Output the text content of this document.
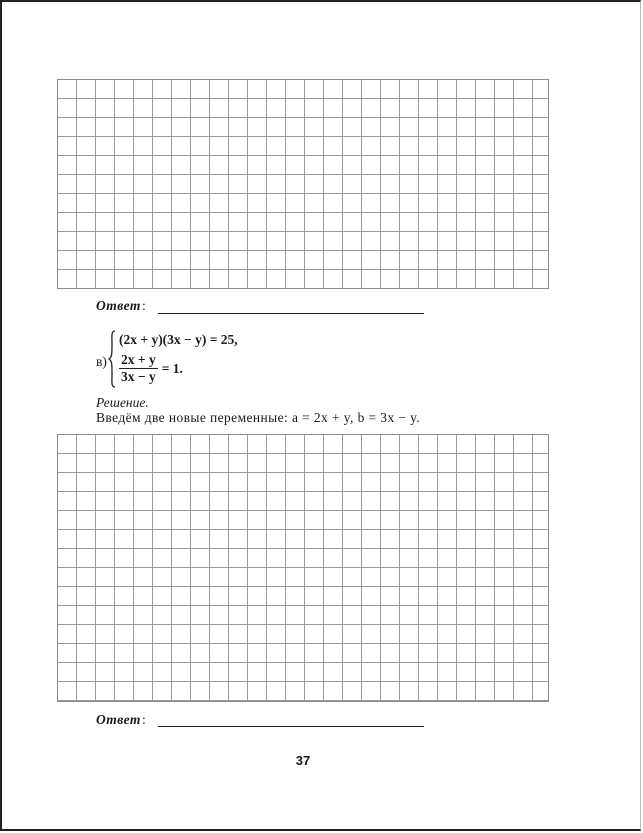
Ответ :
в)
(2x + y)(3x − y) = 25,
$\frac{2x + y}{3x - y} = 1$.
Решение.
Введём две новые переменные: a = 2x + y, b = 3x − y.
Ответ :
37
